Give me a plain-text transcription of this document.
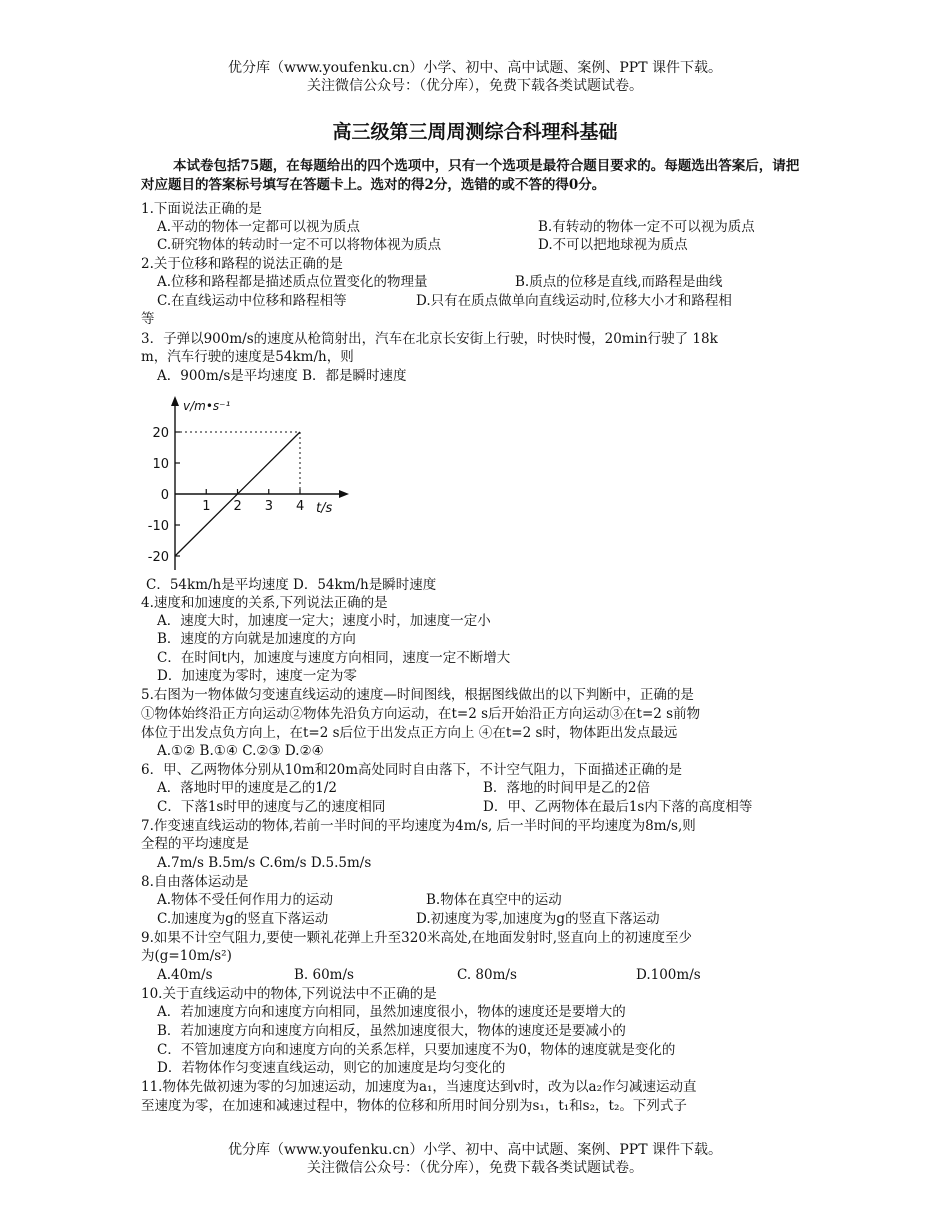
优分库（www.youfenku.cn）小学、初中、高中试题、案例、PPT 课件下载。
关注微信公众号：（优分库），免费下载各类试题试卷。
高三级第三周周测综合科理科基础
本试卷包括75题，在每题给出的四个选项中，只有一个选项是最符合题目要求的。每题选出答案后，请把对应题目的答案标号填写在答题卡上。选对的得2分，选错的或不答的得0分。
1.下面说法正确的是
A.平动的物体一定都可以视为质点	B.有转动的物体一定不可以视为质点
C.研究物体的转动时一定不可以将物体视为质点	D.不可以把地球视为质点
2.关于位移和路程的说法正确的是
A.位移和路程都是描述质点位置变化的物理量	B.质点的位移是直线,而路程是曲线
C.在直线运动中位移和路程相等	D.只有在质点做单向直线运动时,位移大小才和路程相
等
3．子弹以900m/s的速度从枪筒射出，汽车在北京长安街上行驶，时快时慢，20min行驶了 18k
m，汽车行驶的速度是54km/h，则
A．900m/s是平均速度 B．都是瞬时速度
v/m•s⁻¹
t/s
1 2 3 4
20
10
0
-10
-20
C．54km/h是平均速度 D．54km/h是瞬时速度
4.速度和加速度的关系,下列说法正确的是
A．速度大时，加速度一定大；速度小时，加速度一定小
B．速度的方向就是加速度的方向
C．在时间t内，加速度与速度方向相同，速度一定不断增大
D．加速度为零时，速度一定为零
5.右图为一物体做匀变速直线运动的速度—时间图线，根据图线做出的以下判断中，正确的是
①物体始终沿正方向运动②物体先沿负方向运动，在t=2 s后开始沿正方向运动③在t=2 s前物
体位于出发点负方向上，在t=2 s后位于出发点正方向上 ④在t=2 s时，物体距出发点最远
A.①② B.①④ C.②③ D.②④
6．甲、乙两物体分别从10m和20m高处同时自由落下，不计空气阻力，下面描述正确的是
A．落地时甲的速度是乙的1/2	B．落地的时间甲是乙的2倍
C．下落1s时甲的速度与乙的速度相同	D．甲、乙两物体在最后1s内下落的高度相等
7.作变速直线运动的物体,若前一半时间的平均速度为4m/s, 后一半时间的平均速度为8m/s,则
全程的平均速度是
A.7m/s B.5m/s C.6m/s D.5.5m/s
8.自由落体运动是
A.物体不受任何作用力的运动	B.物体在真空中的运动
C.加速度为g的竖直下落运动	D.初速度为零,加速度为g的竖直下落运动
9.如果不计空气阻力,要使一颗礼花弹上升至320米高处,在地面发射时,竖直向上的初速度至少
为(g=10m/s²)
A.40m/s	B. 60m/s	C. 80m/s	D.100m/s
10.关于直线运动中的物体,下列说法中不正确的是
A．若加速度方向和速度方向相同，虽然加速度很小，物体的速度还是要增大的
B．若加速度方向和速度方向相反，虽然加速度很大，物体的速度还是要减小的
C．不管加速度方向和速度方向的关系怎样，只要加速度不为0，物体的速度就是变化的
D．若物体作匀变速直线运动，则它的加速度是均匀变化的
11.物体先做初速为零的匀加速运动，加速度为a₁，当速度达到v时，改为以a₂作匀减速运动直
至速度为零，在加速和减速过程中，物体的位移和所用时间分别为s₁，t₁和s₂，t₂。下列式子
优分库（www.youfenku.cn）小学、初中、高中试题、案例、PPT 课件下载。
关注微信公众号：（优分库），免费下载各类试题试卷。
